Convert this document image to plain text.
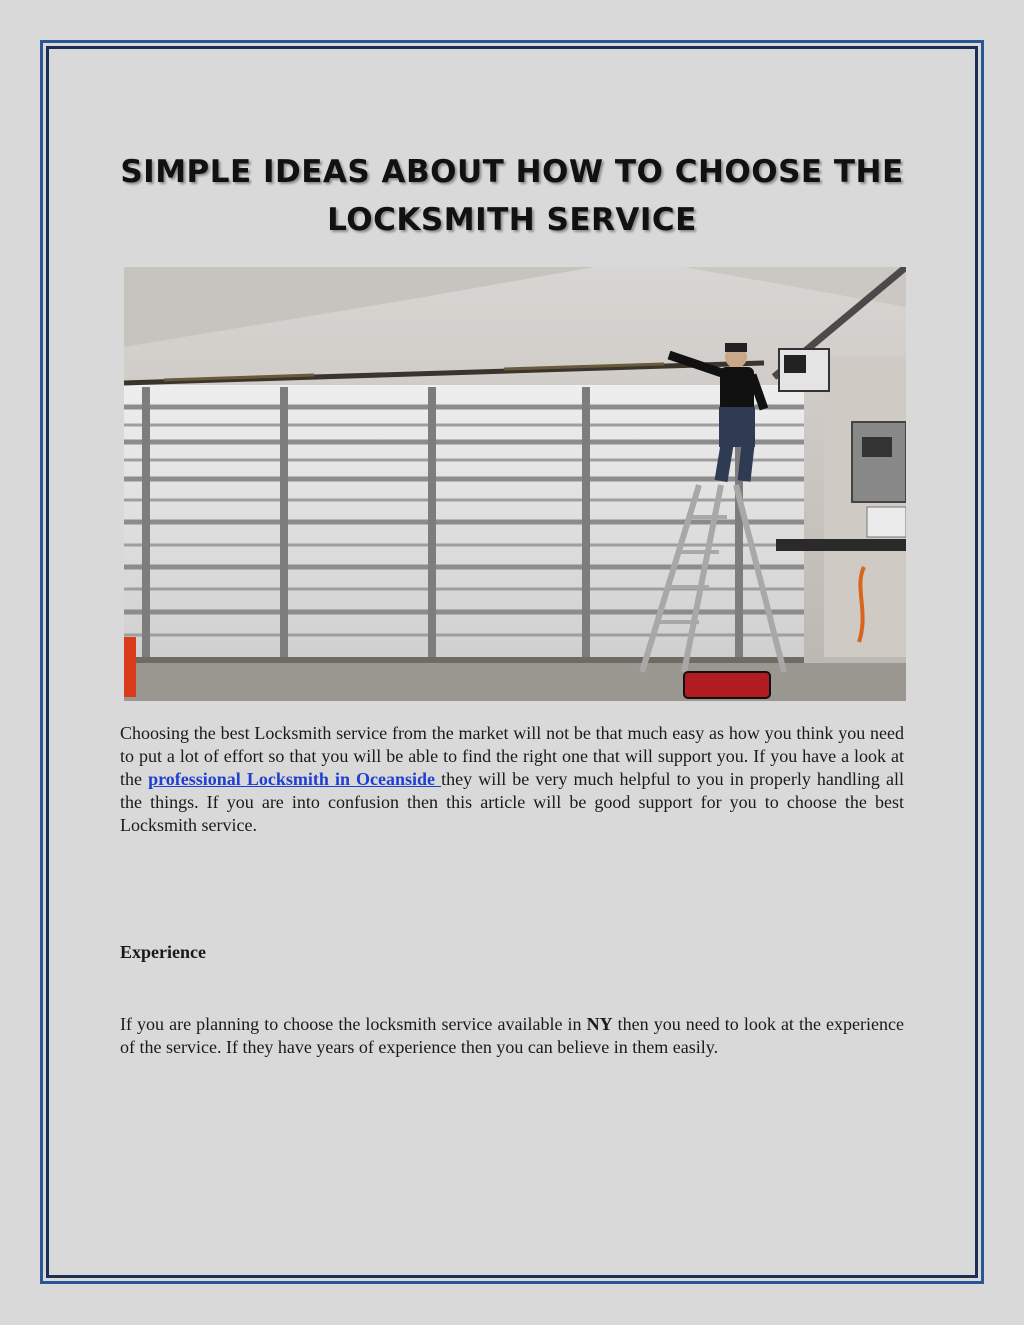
SIMPLE IDEAS ABOUT HOW TO CHOOSE THE LOCKSMITH SERVICE

Choosing the best Locksmith service from the market will not be that much easy as how you think you need to put a lot of effort so that you will be able to find the right one that will support you. If you have a look at the professional Locksmith in Oceanside they will be very much helpful to you in properly handling all the things. If you are into confusion then this article will be good support for you to choose the best Locksmith service.

Experience

If you are planning to choose the locksmith service available in NY then you need to look at the experience of the service. If they have years of experience then you can believe in them easily.
